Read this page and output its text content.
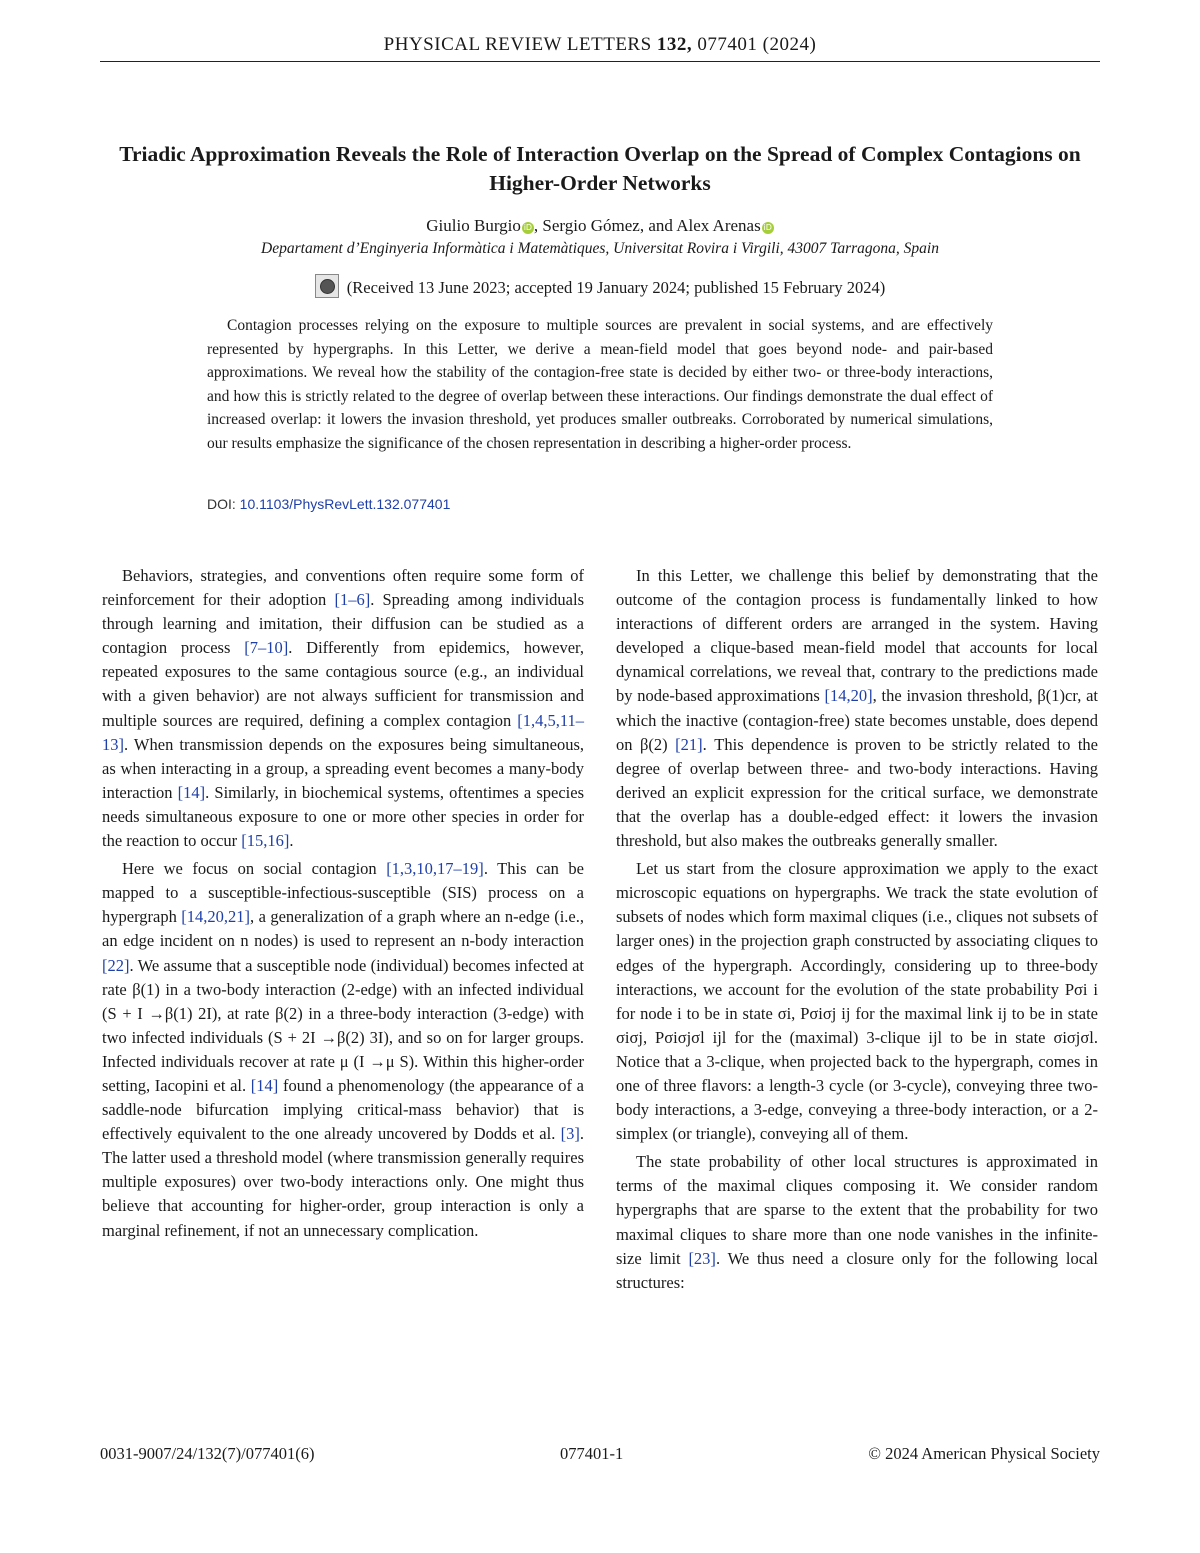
PHYSICAL REVIEW LETTERS 132, 077401 (2024)
Triadic Approximation Reveals the Role of Interaction Overlap on the Spread of Complex Contagions on Higher-Order Networks
Giulio Burgio iD , Sergio Gómez, and Alex Arenas iD
Departament d’Enginyeria Informàtica i Matemàtiques, Universitat Rovira i Virgili, 43007 Tarragona, Spain
(Received 13 June 2023; accepted 19 January 2024; published 15 February 2024)
Contagion processes relying on the exposure to multiple sources are prevalent in social systems, and are effectively represented by hypergraphs. In this Letter, we derive a mean-field model that goes beyond node- and pair-based approximations. We reveal how the stability of the contagion-free state is decided by either two- or three-body interactions, and how this is strictly related to the degree of overlap between these interactions. Our findings demonstrate the dual effect of increased overlap: it lowers the invasion threshold, yet produces smaller outbreaks. Corroborated by numerical simulations, our results emphasize the significance of the chosen representation in describing a higher-order process.
DOI: 10.1103/PhysRevLett.132.077401

Behaviors, strategies, and conventions often require some form of reinforcement for their adoption [1–6]. Spreading among individuals through learning and imitation, their diffusion can be studied as a contagion process [7–10]. Differently from epidemics, however, repeated exposures to the same contagious source (e.g., an individual with a given behavior) are not always sufficient for transmission and multiple sources are required, defining a complex contagion [1,4,5,11–13]. When transmission depends on the exposures being simultaneous, as when interacting in a group, a spreading event becomes a many-body interaction [14]. Similarly, in biochemical systems, oftentimes a species needs simultaneous exposure to one or more other species in order for the reaction to occur [15,16].

Here we focus on social contagion [1,3,10,17–19]. This can be mapped to a susceptible-infectious-susceptible (SIS) process on a hypergraph [14,20,21], a generalization of a graph where an n-edge (i.e., an edge incident on n nodes) is used to represent an n-body interaction [22]. We assume that a susceptible node (individual) becomes infected at rate β(1) in a two-body interaction (2-edge) with an infected individual (S + I →β(1) 2I), at rate β(2) in a three-body interaction (3-edge) with two infected individuals (S + 2I →β(2) 3I), and so on for larger groups. Infected individuals recover at rate μ (I →μ S). Within this higher-order setting, Iacopini et al. [14] found a phenomenology (the appearance of a saddle-node bifurcation implying critical-mass behavior) that is effectively equivalent to the one already uncovered by Dodds et al. [3]. The latter used a threshold model (where transmission generally requires multiple exposures) over two-body interactions only. One might thus believe that accounting for higher-order, group interaction is only a marginal refinement, if not an unnecessary complication.

In this Letter, we challenge this belief by demonstrating that the outcome of the contagion process is fundamentally linked to how interactions of different orders are arranged in the system. Having developed a clique-based mean-field model that accounts for local dynamical correlations, we reveal that, contrary to the predictions made by node-based approximations [14,20], the invasion threshold, β(1)cr, at which the inactive (contagion-free) state becomes unstable, does depend on β(2) [21]. This dependence is proven to be strictly related to the degree of overlap between three- and two-body interactions. Having derived an explicit expression for the critical surface, we demonstrate that the overlap has a double-edged effect: it lowers the invasion threshold, but also makes the outbreaks generally smaller.

Let us start from the closure approximation we apply to the exact microscopic equations on hypergraphs. We track the state evolution of subsets of nodes which form maximal cliques (i.e., cliques not subsets of larger ones) in the projection graph constructed by associating cliques to edges of the hypergraph. Accordingly, considering up to three-body interactions, we account for the evolution of the state probability Pσi i for node i to be in state σi, Pσiσj ij for the maximal link ij to be in state σiσj, Pσiσjσl ijl for the (maximal) 3-clique ijl to be in state σiσjσl. Notice that a 3-clique, when projected back to the hypergraph, comes in one of three flavors: a length-3 cycle (or 3-cycle), conveying three two-body interactions, a 3-edge, conveying a three-body interaction, or a 2-simplex (or triangle), conveying all of them.

The state probability of other local structures is approximated in terms of the maximal cliques composing it. We consider random hypergraphs that are sparse to the extent that the probability for two maximal cliques to share more than one node vanishes in the infinite-size limit [23]. We thus need a closure only for the following local structures:

0031-9007/24/132(7)/077401(6)	077401-1	© 2024 American Physical Society
